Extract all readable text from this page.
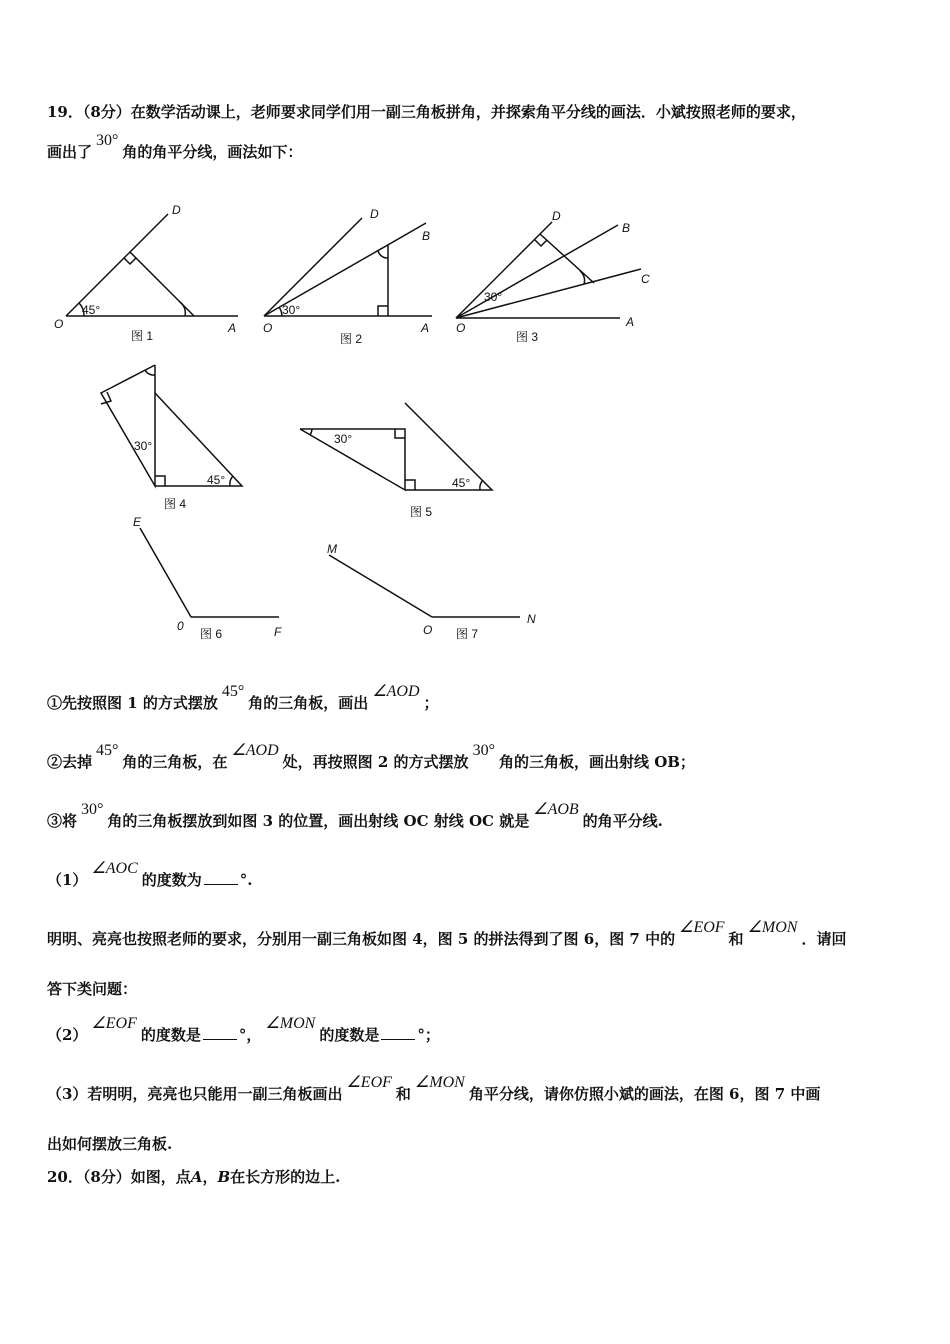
19．（8分）在数学活动课上，老师要求同学们用一副三角板拼角，并探索角平分线的画法．小斌按照老师的要求，
画出了30°角的角平分线，画法如下：
45°
O	A
D
图 1
30°
O	A
D
B
图 2
30°
O	A
D
B
C
图 3
30°
45°
图 4
30°
45°
图 5
E
0	F
图 6
M
O
N
图 7
①先按照图 1 的方式摆放45°角的三角板，画出∠AOD；
②去掉45°角的三角板，在∠AOD处，再按照图 2 的方式摆放30°角的三角板，画出射线 OB；
③将30°角的三角板摆放到如图 3 的位置，画出射线 OC 射线 OC 就是∠AOB的角平分线.
（1）∠AOC的度数为	°.
明明、亮亮也按照老师的要求，分别用一副三角板如图 4，图 5 的拼法得到了图 6，图 7 中的∠EOF和∠MON．请回
答下类问题：
（2）∠EOF的度数是	°，∠MON的度数是	°；
（3）若明明，亮亮也只能用一副三角板画出∠EOF和∠MON角平分线，请你仿照小斌的画法，在图 6，图 7 中画
出如何摆放三角板.
20．（8分）如图，点A，B在长方形的边上.
